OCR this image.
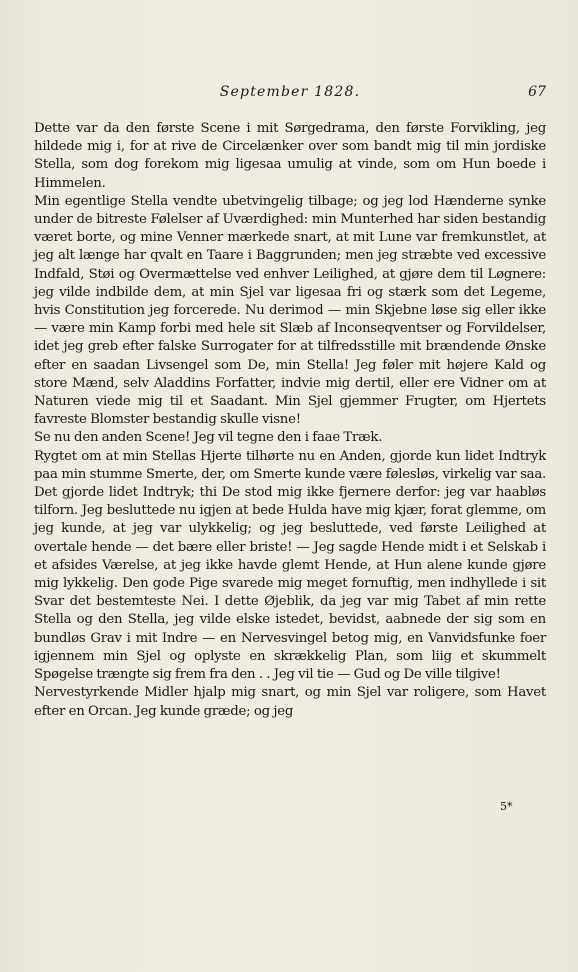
September 1828.	67

Dette var da den første Scene i mit Sørgedrama, den første Forvikling, jeg hildede mig i, for at rive de Circelænker over som bandt mig til min jordiske Stella, som dog forekom mig ligesaa umulig at vinde, som om Hun boede i Himmelen.

Min egentlige Stella vendte ubetvingelig tilbage; og jeg lod Hænderne synke under de bitreste Følelser af Uværdighed: min Munterhed har siden bestandig været borte, og mine Venner mærkede snart, at mit Lune var fremkunstlet, at jeg alt længe har qvalt en Taare i Baggrunden; men jeg stræbte ved excessive Indfald, Støi og Overmættelse ved enhver Leilighed, at gjøre dem til Løgnere: jeg vilde indbilde dem, at min Sjel var ligesaa fri og stærk som det Legeme, hvis Constitution jeg forcerede. Nu derimod — min Skjebne løse sig eller ikke — være min Kamp forbi med hele sit Slæb af Inconseqventser og Forvildelser, idet jeg greb efter falske Surrogater for at tilfredsstille mit brændende Ønske efter en saadan Livsengel som De, min Stella! Jeg føler mit højere Kald og store Mænd, selv Aladdins Forfatter, indvie mig dertil, eller ere Vidner om at Naturen viede mig til et Saadant. Min Sjel gjemmer Frugter, om Hjertets favreste Blomster bestandig skulle visne!

Se nu den anden Scene! Jeg vil tegne den i faae Træk.

Rygtet om at min Stellas Hjerte tilhørte nu en Anden, gjorde kun lidet Indtryk paa min stumme Smerte, der, om Smerte kunde være følesløs, virkelig var saa. Det gjorde lidet Indtryk; thi De stod mig ikke fjernere derfor: jeg var haabløs tilforn. Jeg besluttede nu igjen at bede Hulda have mig kjær, forat glemme, om jeg kunde, at jeg var ulykkelig; og jeg besluttede, ved første Leilighed at overtale hende — det bære eller briste! — Jeg sagde Hende midt i et Selskab i et afsides Værelse, at jeg ikke havde glemt Hende, at Hun alene kunde gjøre mig lykkelig. Den gode Pige svarede mig meget fornuftig, men indhyllede i sit Svar det bestemteste Nei. I dette Øjeblik, da jeg var mig Tabet af min rette Stella og den Stella, jeg vilde elske istedet, bevidst, aabnede der sig som en bundløs Grav i mit Indre — en Nervesvingel betog mig, en Vanvidsfunke foer igjennem min Sjel og oplyste en skrækkelig Plan, som liig et skummelt Spøgelse trængte sig frem fra den . . Jeg vil tie — Gud og De ville tilgive!

Nervestyrkende Midler hjalp mig snart, og min Sjel var roligere, som Havet efter en Orcan. Jeg kunde græde; og jeg

5*
